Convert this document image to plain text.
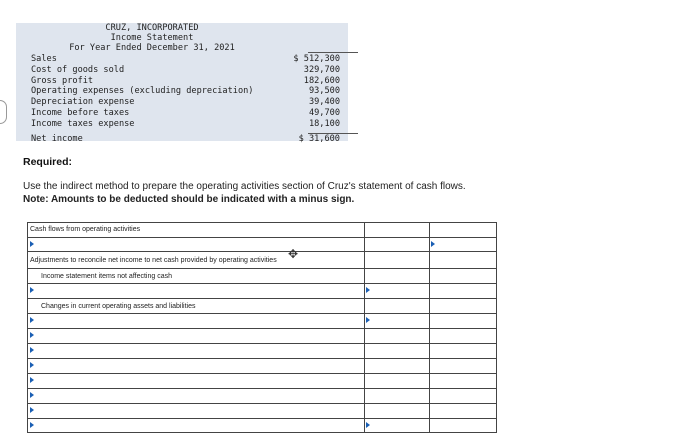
CRUZ, INCORPORATED
Income Statement
For Year Ended December 31, 2021
Sales	$ 512,300
Cost of goods sold	329,700
Gross profit	182,600
Operating expenses (excluding depreciation)	93,500
Depreciation expense	39,400
Income before taxes	49,700
Income taxes expense	18,100
Net income	$ 31,600
Required:
Use the indirect method to prepare the operating activities section of Cruz's statement of cash flows.
Note: Amounts to be deducted should be indicated with a minus sign.
Cash flows from operating activities
Adjustments to reconcile net income to net cash provided by operating activities
Income statement items not affecting cash
Changes in current operating assets and liabilities
✥
